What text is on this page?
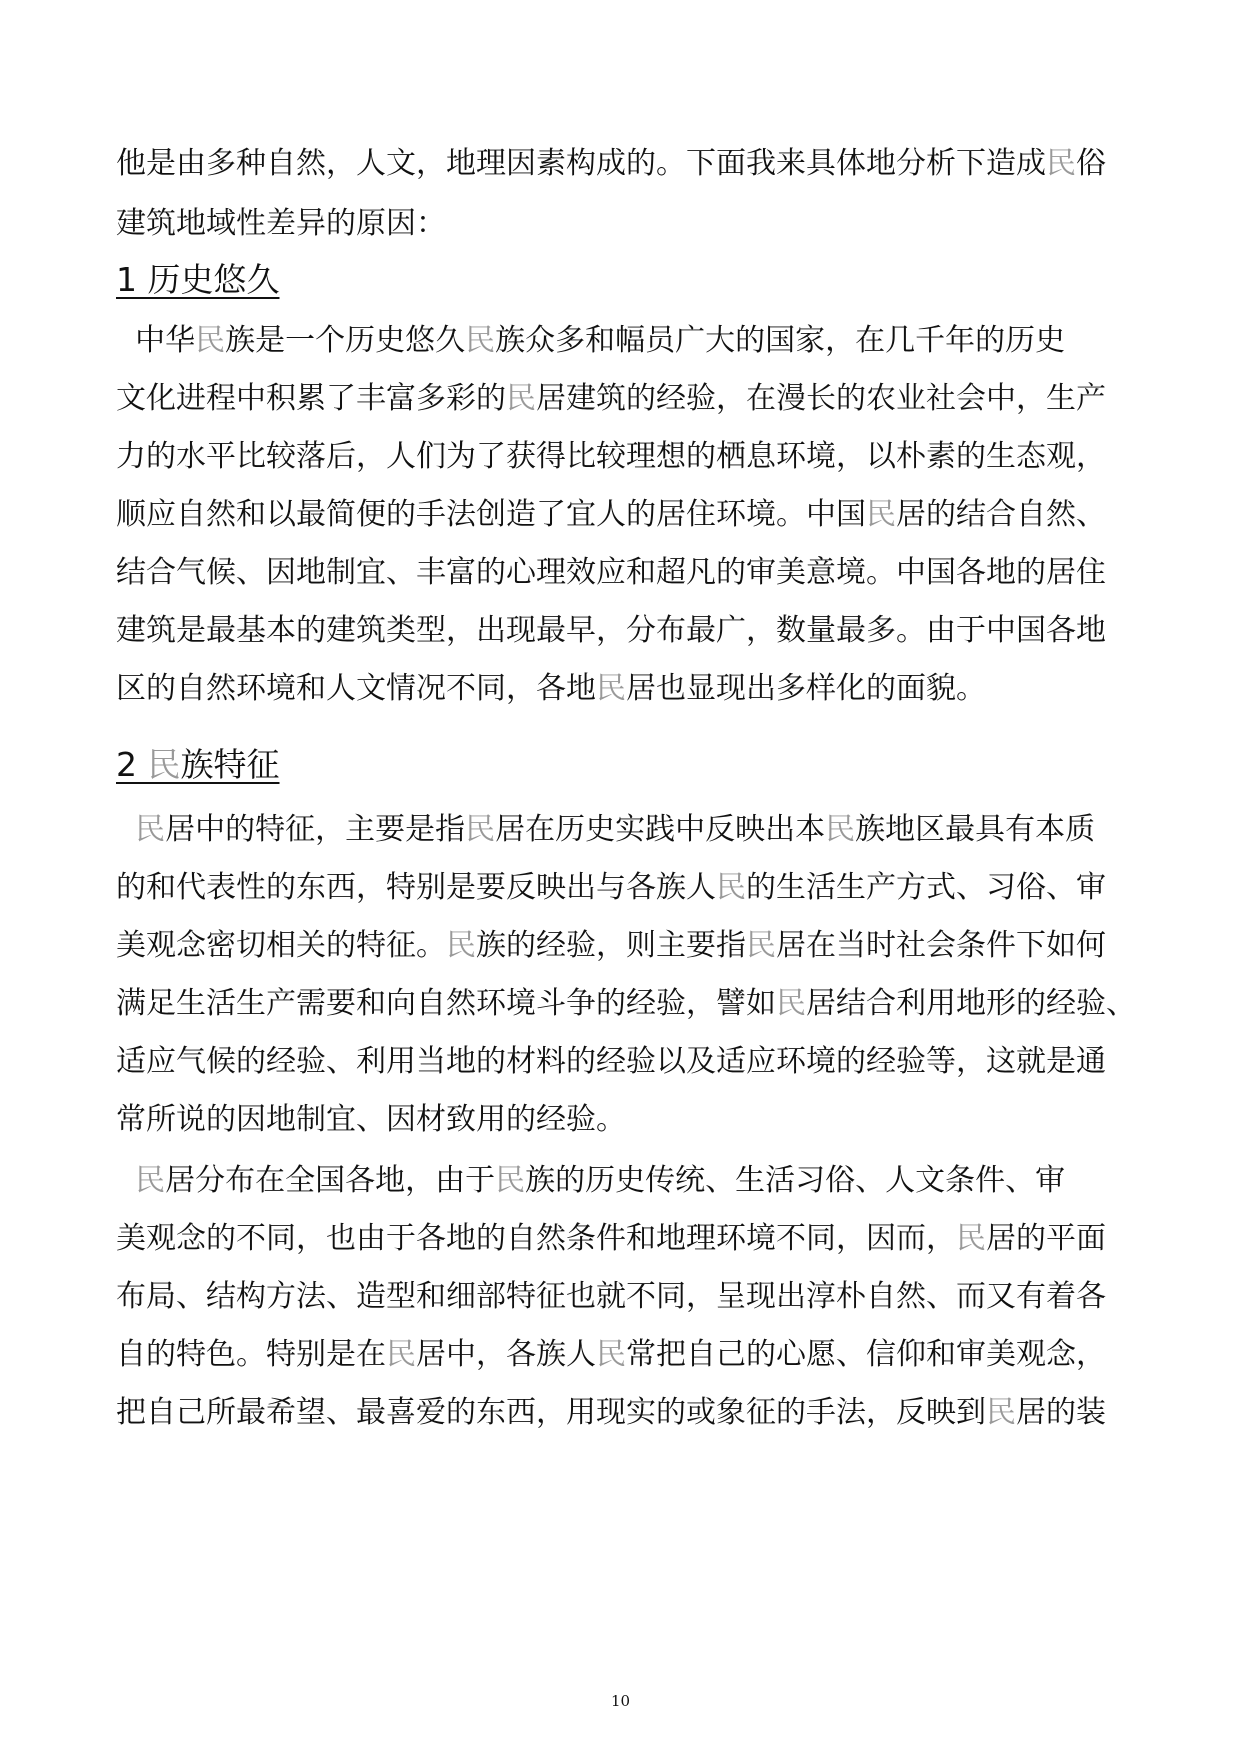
他是由多种自然，人文，地理因素构成的。下面我来具体地分析下造成民俗
建筑地域性差异的原因：
1 历史悠久
中华民族是一个历史悠久民族众多和幅员广大的国家，在几千年的历史
文化进程中积累了丰富多彩的民居建筑的经验，在漫长的农业社会中，生产
力的水平比较落后，人们为了获得比较理想的栖息环境，以朴素的生态观，
顺应自然和以最简便的手法创造了宜人的居住环境。中国民居的结合自然、
结合气候、因地制宜、丰富的心理效应和超凡的审美意境。中国各地的居住
建筑是最基本的建筑类型，出现最早，分布最广，数量最多。由于中国各地
区的自然环境和人文情况不同，各地民居也显现出多样化的面貌。
2 民族特征
民居中的特征，主要是指民居在历史实践中反映出本民族地区最具有本质
的和代表性的东西，特别是要反映出与各族人民的生活生产方式、习俗、审
美观念密切相关的特征。民族的经验，则主要指民居在当时社会条件下如何
满足生活生产需要和向自然环境斗争的经验，譬如民居结合利用地形的经验、
适应气候的经验、利用当地的材料的经验以及适应环境的经验等，这就是通
常所说的因地制宜、因材致用的经验。
民居分布在全国各地，由于民族的历史传统、生活习俗、人文条件、审
美观念的不同，也由于各地的自然条件和地理环境不同，因而，民居的平面
布局、结构方法、造型和细部特征也就不同，呈现出淳朴自然、而又有着各
自的特色。特别是在民居中，各族人民常把自己的心愿、信仰和审美观念，
把自己所最希望、最喜爱的东西，用现实的或象征的手法，反映到民居的装
10
